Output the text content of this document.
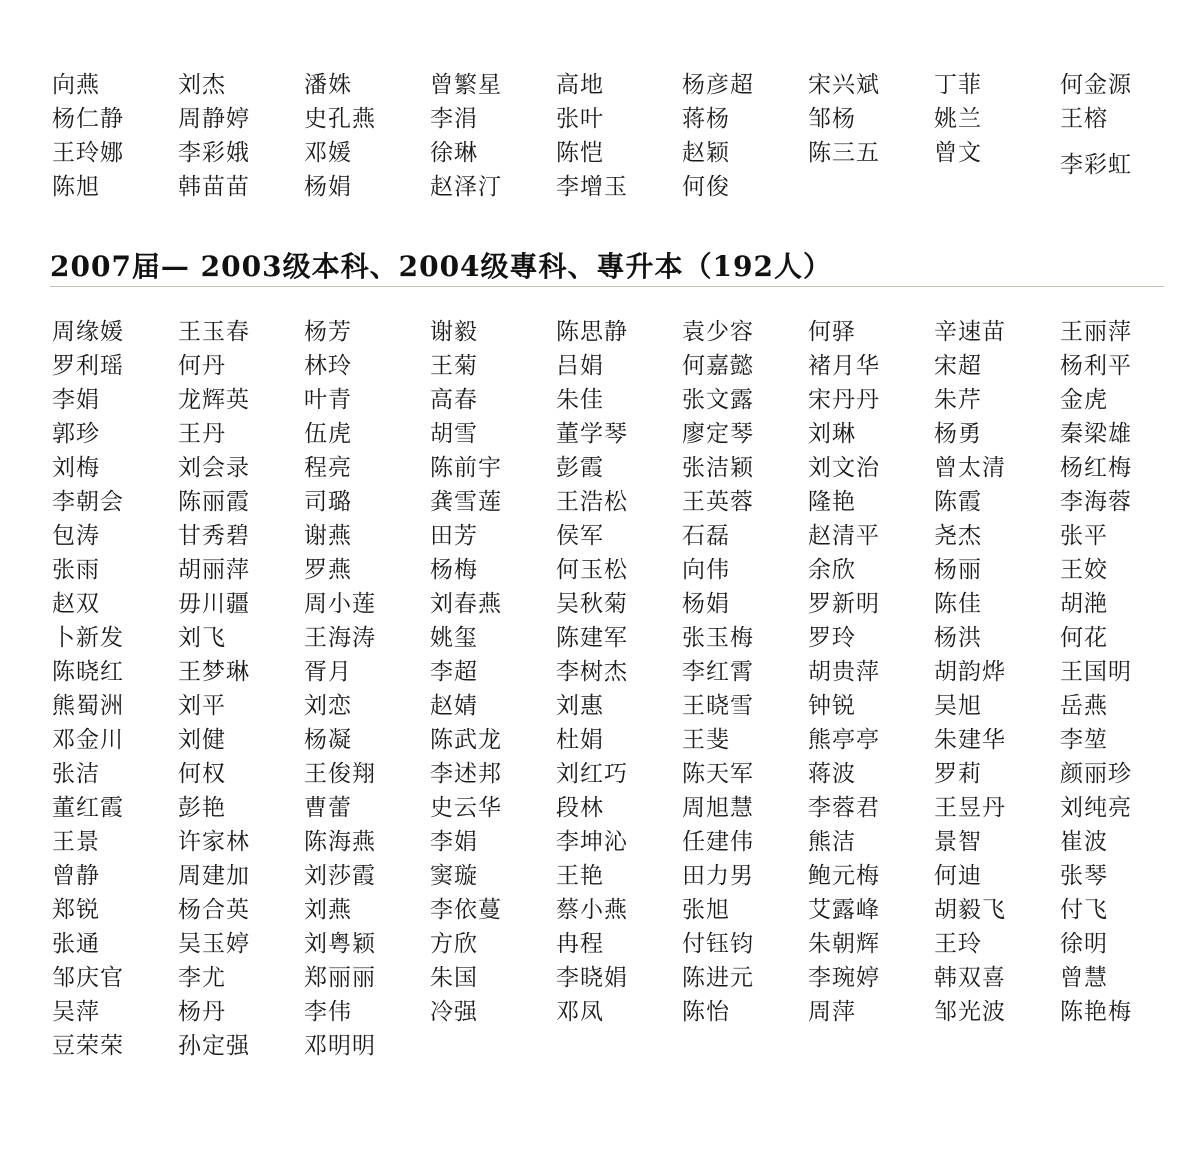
向燕	刘杰	潘姝	曾繁星	高地	杨彦超	宋兴斌	丁菲	何金源
杨仁静	周静婷	史孔燕	李涓	张叶	蒋杨	邹杨	姚兰	王榕
王玲娜	李彩娥	邓媛	徐琳	陈恺	赵颖	陈三五	曾文	李彩虹
陈旭	韩苗苗	杨娟	赵泽汀	李增玉	何俊
2007届— 2003级本科、2004级專科、專升本（192人）
周缘媛	王玉春	杨芳	谢毅	陈思静	袁少容	何驿	辛速苗	王丽萍
罗利瑶	何丹	林玲	王菊	吕娟	何嘉懿	褚月华	宋超	杨利平
李娟	龙辉英	叶青	高春	朱佳	张文露	宋丹丹	朱芹	金虎
郭珍	王丹	伍虎	胡雪	董学琴	廖定琴	刘琳	杨勇	秦梁雄
刘梅	刘会录	程亮	陈前宇	彭霞	张洁颖	刘文治	曾太清	杨红梅
李朝会	陈丽霞	司璐	龚雪莲	王浩松	王英蓉	隆艳	陈霞	李海蓉
包涛	甘秀碧	谢燕	田芳	侯军	石磊	赵清平	尧杰	张平
张雨	胡丽萍	罗燕	杨梅	何玉松	向伟	余欣	杨丽	王姣
赵双	毋川疆	周小莲	刘春燕	吴秋菊	杨娟	罗新明	陈佳	胡滟
卜新发	刘飞	王海涛	姚玺	陈建军	张玉梅	罗玲	杨洪	何花
陈晓红	王梦琳	胥月	李超	李树杰	李红霄	胡贵萍	胡韵烨	王国明
熊蜀洲	刘平	刘恋	赵婧	刘惠	王晓雪	钟锐	吴旭	岳燕
邓金川	刘健	杨凝	陈武龙	杜娟	王斐	熊亭亭	朱建华	李堃
张洁	何权	王俊翔	李述邦	刘红巧	陈天军	蒋波	罗莉	颜丽珍
董红霞	彭艳	曹蕾	史云华	段林	周旭慧	李蓉君	王昱丹	刘纯亮
王景	许家林	陈海燕	李娟	李坤沁	任建伟	熊洁	景智	崔波
曾静	周建加	刘莎霞	窦璇	王艳	田力男	鲍元梅	何迪	张琴
郑锐	杨合英	刘燕	李依蔓	蔡小燕	张旭	艾露峰	胡毅飞	付飞
张通	吴玉婷	刘粤颖	方欣	冉程	付钰钧	朱朝辉	王玲	徐明
邹庆官	李尤	郑丽丽	朱国	李晓娟	陈进元	李琬婷	韩双喜	曾慧
吴萍	杨丹	李伟	冷强	邓凤	陈怡	周萍	邹光波	陈艳梅
豆荣荣	孙定强	邓明明
